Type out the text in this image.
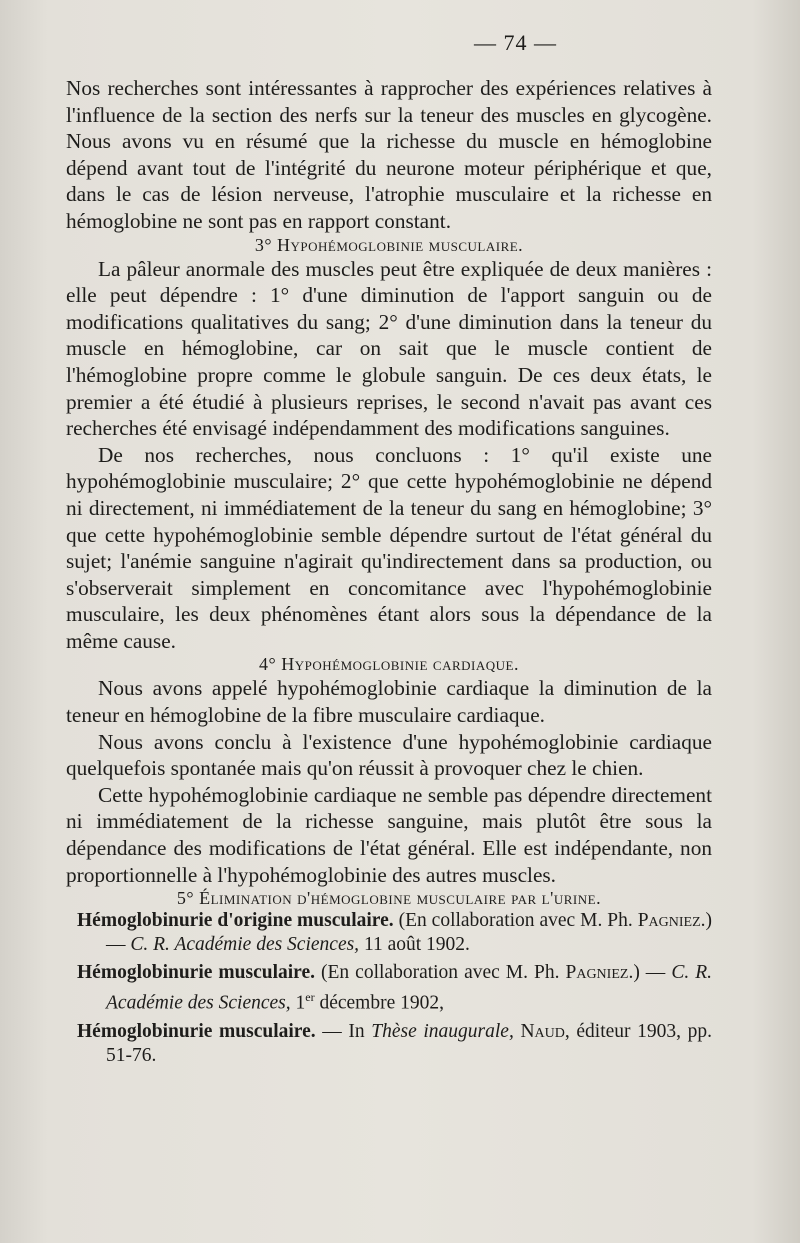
— 74 —

Nos recherches sont intéressantes à rapprocher des expériences relatives à l'influence de la section des nerfs sur la teneur des muscles en glycogène. Nous avons vu en résumé que la richesse du muscle en hémoglobine dépend avant tout de l'intégrité du neurone moteur périphérique et que, dans le cas de lésion nerveuse, l'atrophie musculaire et la richesse en hémoglobine ne sont pas en rapport constant.

3° Hypohémoglobinie musculaire.

La pâleur anormale des muscles peut être expliquée de deux manières : elle peut dépendre : 1° d'une diminution de l'apport sanguin ou de modifications qualitatives du sang; 2° d'une diminution dans la teneur du muscle en hémoglobine, car on sait que le muscle contient de l'hémoglobine propre comme le globule sanguin. De ces deux états, le premier a été étudié à plusieurs reprises, le second n'avait pas avant ces recherches été envisagé indépendamment des modifications sanguines.

De nos recherches, nous concluons : 1° qu'il existe une hypohémoglobinie musculaire; 2° que cette hypohémoglobinie ne dépend ni directement, ni immédiatement de la teneur du sang en hémoglobine; 3° que cette hypohémoglobinie semble dépendre surtout de l'état général du sujet; l'anémie sanguine n'agirait qu'indirectement dans sa production, ou s'observerait simplement en concomitance avec l'hypohémoglobinie musculaire, les deux phénomènes étant alors sous la dépendance de la même cause.

4° Hypohémoglobinie cardiaque.

Nous avons appelé hypohémoglobinie cardiaque la diminution de la teneur en hémoglobine de la fibre musculaire cardiaque.

Nous avons conclu à l'existence d'une hypohémoglobinie cardiaque quelquefois spontanée mais qu'on réussit à provoquer chez le chien.

Cette hypohémoglobinie cardiaque ne semble pas dépendre directement ni immédiatement de la richesse sanguine, mais plutôt être sous la dépendance des modifications de l'état général. Elle est indépendante, non proportionnelle à l'hypohémoglobinie des autres muscles.

5° Élimination d'hémoglobine musculaire par l'urine.

Hémoglobinurie d'origine musculaire. (En collaboration avec M. Ph. Pagniez.) — C. R. Académie des Sciences, 11 août 1902.

Hémoglobinurie musculaire. (En collaboration avec M. Ph. Pagniez.) — C. R. Académie des Sciences, 1er décembre 1902,

Hémoglobinurie musculaire. — In Thèse inaugurale, Naud, éditeur 1903, pp. 51-76.
